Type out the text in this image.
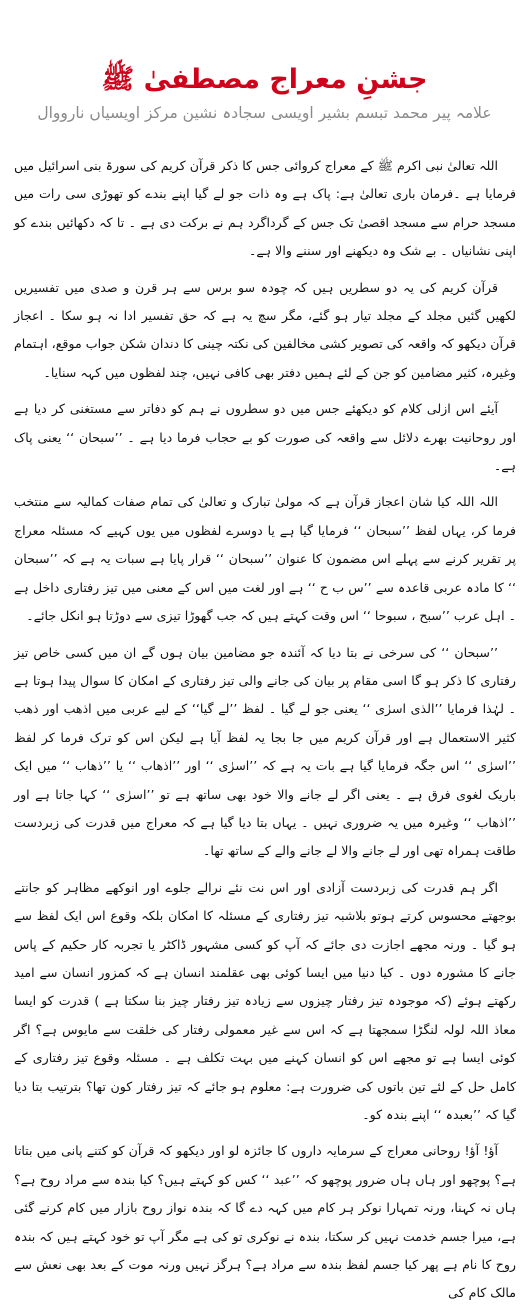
جشنِ معراج مصطفیٰ ﷺ
علامہ پیر محمد تبسم بشیر اویسی سجادہ نشین مرکز اویسیاں نارووال

اللہ تعالیٰ نبی اکرم ﷺ کے معراج کروائی جس کا ذکر قرآن کریم کی سورۃ بنی اسرائیل میں فرمایا ہے ۔فرمان باری تعالیٰ ہے: پاک ہے وہ ذات جو لے گیا اپنے بندے کو تھوڑی سی رات میں مسجد حرام سے مسجد اقصیٰ تک جس کے گرداگرد ہم نے برکت دی ہے ۔ تا کہ دکھائیں بندے کو اپنی نشانیاں ۔ بے شک وہ دیکھنے اور سننے والا ہے۔

قرآن کریم کی یہ دو سطریں ہیں کہ چودہ سو برس سے ہر قرن و صدی میں تفسیریں لکھیں گئیں مجلد کے مجلد تیار ہو گئے، مگر سچ یہ ہے کہ حق تفسیر ادا نہ ہو سکا ۔ اعجاز قرآن دیکھو کہ واقعہ کی تصویر کشی مخالفین کی نکتہ چینی کا دندان شکن جواب موقع، اہتمام وغیرہ، کثیر مضامین کو جن کے لئے ہمیں دفتر بھی کافی نہیں، چند لفظوں میں کہہ سنایا۔

آیئے اس ازلی کلام کو دیکھئے جس میں دو سطروں نے ہم کو دفاتر سے مستغنی کر دیا ہے اور روحانیت بھرے دلائل سے واقعہ کی صورت کو بے حجاب فرما دیا ہے ۔ ’’سبحان ‘‘ یعنی پاک ہے۔

اللہ اللہ کیا شان اعجاز قرآن ہے کہ مولیٰ تبارک و تعالیٰ کی تمام صفات کمالیہ سے منتخب فرما کر، یہاں لفظ ’’سبحان ‘‘ فرمایا گیا ہے یا دوسرے لفظوں میں یوں کہیے کہ مسئلہ معراج پر تقریر کرنے سے پہلے اس مضمون کا عنوان ’’سبحان ‘‘ قرار پایا ہے سبات یہ ہے کہ ’’سبحان ‘‘ کا مادہ عربی قاعدہ سے ’’س ب ح ‘‘ ہے اور لغت میں اس کے معنی میں تیز رفتاری داخل ہے ۔ اہل عرب ’’سبح ، سبوحا ‘‘ اس وقت کہتے ہیں کہ جب گھوڑا تیزی سے دوڑتا ہو انکل جائے۔

’’سبحان ‘‘ کی سرخی نے بتا دیا کہ آئندہ جو مضامین بیان ہوں گے ان میں کسی خاص تیز رفتاری کا ذکر ہو گا اسی مقام پر بیان کی جانے والی تیز رفتاری کے امکان کا سوال پیدا ہوتا ہے ۔ لہٰذا فرمایا ’’الذی اسرٰی ‘‘ یعنی جو لے گیا ۔ لفظ ’’لے گیا‘‘ کے لیے عربی میں اذھب اور ذھب کثیر الاستعمال ہے اور قرآن کریم میں جا بجا یہ لفظ آیا ہے لیکن اس کو ترک فرما کر لفظ ’’اسرٰی ‘‘ اس جگہ فرمایا گیا ہے بات یہ ہے کہ ’’اسرٰی ‘‘ اور ’’اذھاب ‘‘ یا ’’ذھاب ‘‘ میں ایک باریک لغوی فرق ہے ۔ یعنی اگر لے جانے والا خود بھی ساتھ ہے تو ’’اسرٰی ‘‘ کہا جاتا ہے اور ’’اذھاب ‘‘ وغیرہ میں یہ ضروری نہیں ۔ یہاں بتا دیا گیا ہے کہ معراج میں قدرت کی زبردست طاقت ہمراہ تھی اور لے جانے والا لے جانے والے کے ساتھ تھا۔

اگر ہم قدرت کی زبردست آزادی اور اس نت نئے نرالے جلوے اور انوکھے مظاہر کو جانتے بوجھتے محسوس کرتے ہوتو بلاشبہ تیز رفتاری کے مسئلہ کا امکان بلکہ وقوع اس ایک لفظ سے ہو گیا ۔ ورنہ مجھے اجازت دی جائے کہ آپ کو کسی مشہور ڈاکٹر یا تجربہ کار حکیم کے پاس جانے کا مشورہ دوں ۔ کیا دنیا میں ایسا کوئی بھی عقلمند انسان ہے کہ کمزور انسان سے امید رکھتے ہوئے (کہ موجودہ تیز رفتار چیزوں سے زیادہ تیز رفتار چیز بنا سکتا ہے ) قدرت کو ایسا معاذ اللہ لولہ لنگڑا سمجھتا ہے کہ اس سے غیر معمولی رفتار کی خلقت سے مایوس ہے؟ اگر کوئی ایسا ہے تو مجھے اس کو انسان کہنے میں بہت تکلف ہے ۔ مسئلہ وقوع تیز رفتاری کے کامل حل کے لئے تین باتوں کی ضرورت ہے: معلوم ہو جائے کہ تیز رفتار کون تھا؟ بترتیب بتا دیا گیا کہ ’’بعبدہ ‘‘ اپنے بندہ کو۔

آؤ! آؤ! روحانی معراج کے سرمایہ داروں کا جائزہ لو اور دیکھو کہ قرآن کو کتنے پانی میں بتاتا ہے؟ پوچھو اور ہاں ہاں ضرور پوچھو کہ ’’عبد ‘‘ کس کو کہتے ہیں؟ کیا بندہ سے مراد روح ہے؟ ہاں نہ کہنا، ورنہ تمہارا نوکر ہر کام میں کہہ دے گا کہ بندہ نواز روح بازار میں کام کرنے گئی ہے، میرا جسم خدمت نہیں کر سکتا، بندہ نے نوکری تو کی ہے مگر آپ تو خود کہتے ہیں کہ بندہ روح کا نام ہے پھر کیا جسم لفظ بندہ سے مراد ہے؟ ہرگز نہیں ورنہ موت کے بعد بھی نعش سے مالک کام کی
